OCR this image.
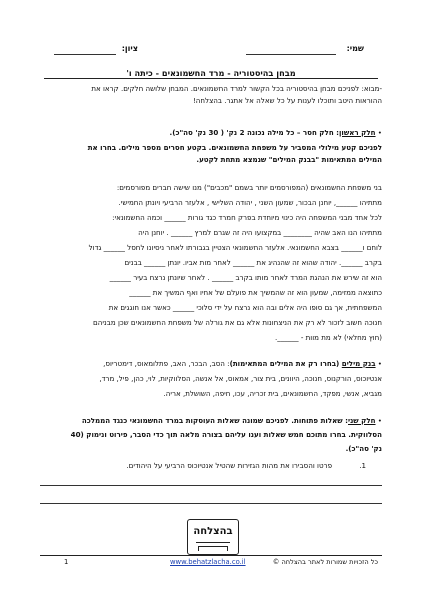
שמי:
ציון:
מבחן בהיסטוריה - מרד החשמונאים - כיתה ו'
-מבוא: לפניכם מבחן בהיסטוריה בכל הקשור למרד החשמונאים. המבחן שלושה חלקים. קראו את
ההוראות היטב ותוכלו לענות על כל שאלה אל אתגר. בהצלחה!
• חלק ראשון: חלק חסר – כל מילה נכונה 2 נק' ( 30 נק' סה"כ).
לפניכם קטע מילולי המסביר על משפחת החשמונאים. בקטע חסרים מספר מילים. בחרו את
המילים המתאימות "בבנק המילים" שנמצא מתחת לקטע.
בני משפחת החשמונאים (המפורסמים יותר בשמם "מכבים") מנו שישה חברים מפורסמים:
מתתיהו ______, יוחנן הבכור, שמעון השני , יהודה השלישי , אלעזר הרביעי ויונתן החמישי.
לכל אחד מבני המשפחה היה כינוי מיוחדת בפרק חמרד כגד גורות ______ וכמה החשמונאי:
מתתיהו הנו האב שהיה ________ במקצועו היה זה שגרם למרץ ______ . יוחנן היה
לוחם ו______ בצבא החשמונאי. אלעזר החשמונאי הצטיין בגבורתו לאחר ניסיונו לחסל ______ גדול
בקרב ______. יהודה שהוא זה שהנהיג את ______ לאחר מות אביו. יונתן ______ בבנים
הוא זה שירש את הנהגת המרד לאחר מותו בקרב ______ . לאחר שיונתן נרצח בעיר ______
כתוצאה ממזימה, שמעון הוא זה שהמשיך את פועלם של אחיו ואף המשיך את ______
המשפחתית, אך גם סופו היה אלים ובה הוא נרצח על ידי סלוכי ______ כאשר אנו חוגגים את
חנוכה חשוב לזכור לא רק את הניצחונות אלא גם את גורלה של משפחת החשמונאים שכן מבניהם
(חוץ מחלאי) לא מת מוות - ______.
• בנק מילים (בחרו רק את המילים המתאימות): הסב, הבכר, האב, פתלומאוס, דימטריוס,
אנטיוכוס, הורקנוס, חנוכה, היוונים, בית צור, אמאוס, אל אנשה, הסלווקיות, לוי, כהן, פיל, מרד,
מגביא, אנשי, מפקד, החשמונאים, בית זכריה, עכו, חיפה, השושלת, אריה.
• חלק שני: שאלות פתוחות. לפניכם שמונה שאלות העוסקות במרד החשמונאי כנגד הממלכה
הסלווקית. בחרו מתוכם חמש שאלות וענו עליהם בצורה מלאה תוך כדי הסבר, פירוט ונימוק (40
נק' סה"כ).
1.
פרטו והסבירו את מהות הגזירות שהטיל אנטיוכוס הרביעי על היהודים.
בהצלחה
כל הזכויות שמורות לאתר בהצלחה ©
www.behatzlacha.co.il
1
